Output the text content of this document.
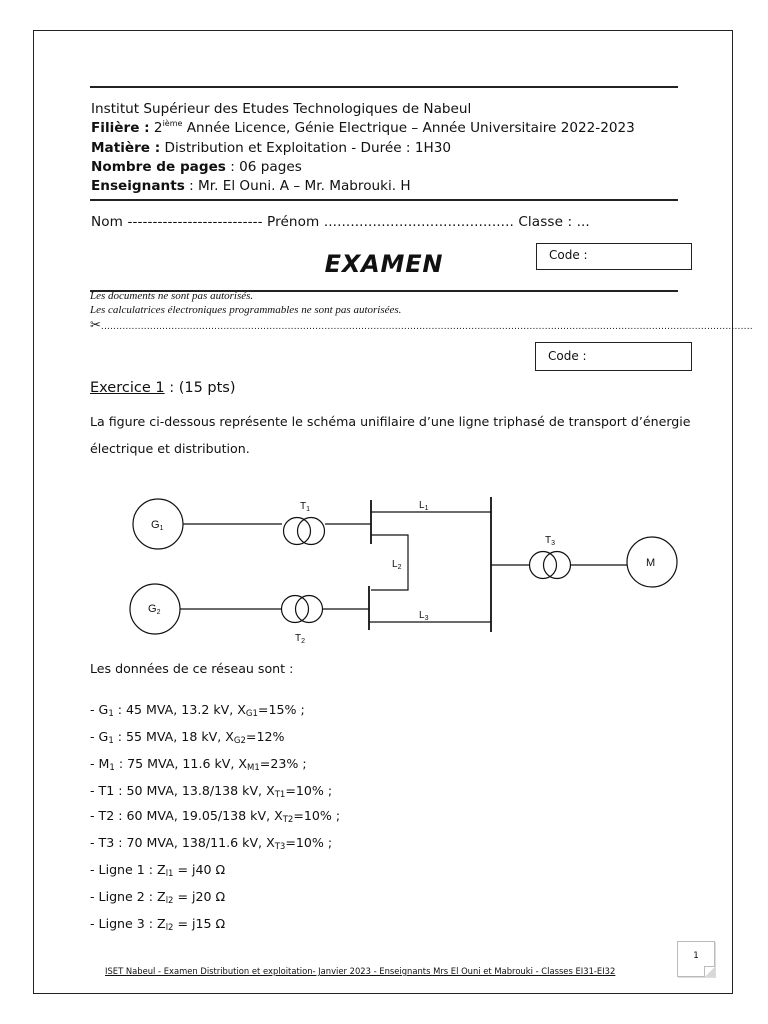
Institut Supérieur des Etudes Technologiques de Nabeul
Filière : 2ième Année Licence, Génie Electrique – Année Universitaire 2022-2023
Matière : Distribution et Exploitation - Durée : 1H30
Nombre de pages : 06 pages
Enseignants : Mr. El Ouni. A – Mr. Mabrouki. H
Nom --------------------------- Prénom ........................................... Classe : ...
EXAMEN	Code :
Les documents ne sont pas autorisés.
Les calculatrices électroniques programmables ne sont pas autorisées.
✂.....................................................................................................................................................................................................................
Code :
Exercice 1 : (15 pts)
La figure ci-dessous représente le schéma unifilaire d’une ligne triphasé de transport d’énergie
électrique et distribution.
G1
G2
$T_1$
$T_2$
$T_3$
$L_1$
$L_2$
$L_3$
M
Les données de ce réseau sont :
- $G_1$ : 45 MVA, 13.2 kV, $X_{G1}=15\%$ ;
- $G_1$ : 55 MVA, 18 kV, $X_{G2}=12\%$
- $M_1$ : 75 MVA, 11.6 kV, $X_{M1}=23\%$ ;
- T1 : 50 MVA, 13.8/138 kV, $X_{T1}=10\%$ ;
- T2 : 60 MVA, 19.05/138 kV, $X_{T2}=10\%$ ;
- T3 : 70 MVA, 138/11.6 kV, $X_{T3}=10\%$ ;
- Ligne 1 : $Z_{l1} = j40$ Ω
- Ligne 2 : $Z_{l2} = j20$ Ω
- Ligne 3 : $Z_{l2} = j15$ Ω
ISET Nabeul - Examen Distribution et exploitation- Janvier 2023 - Enseignants Mrs El Ouni et Mabrouki - Classes EI31-EI32
1
